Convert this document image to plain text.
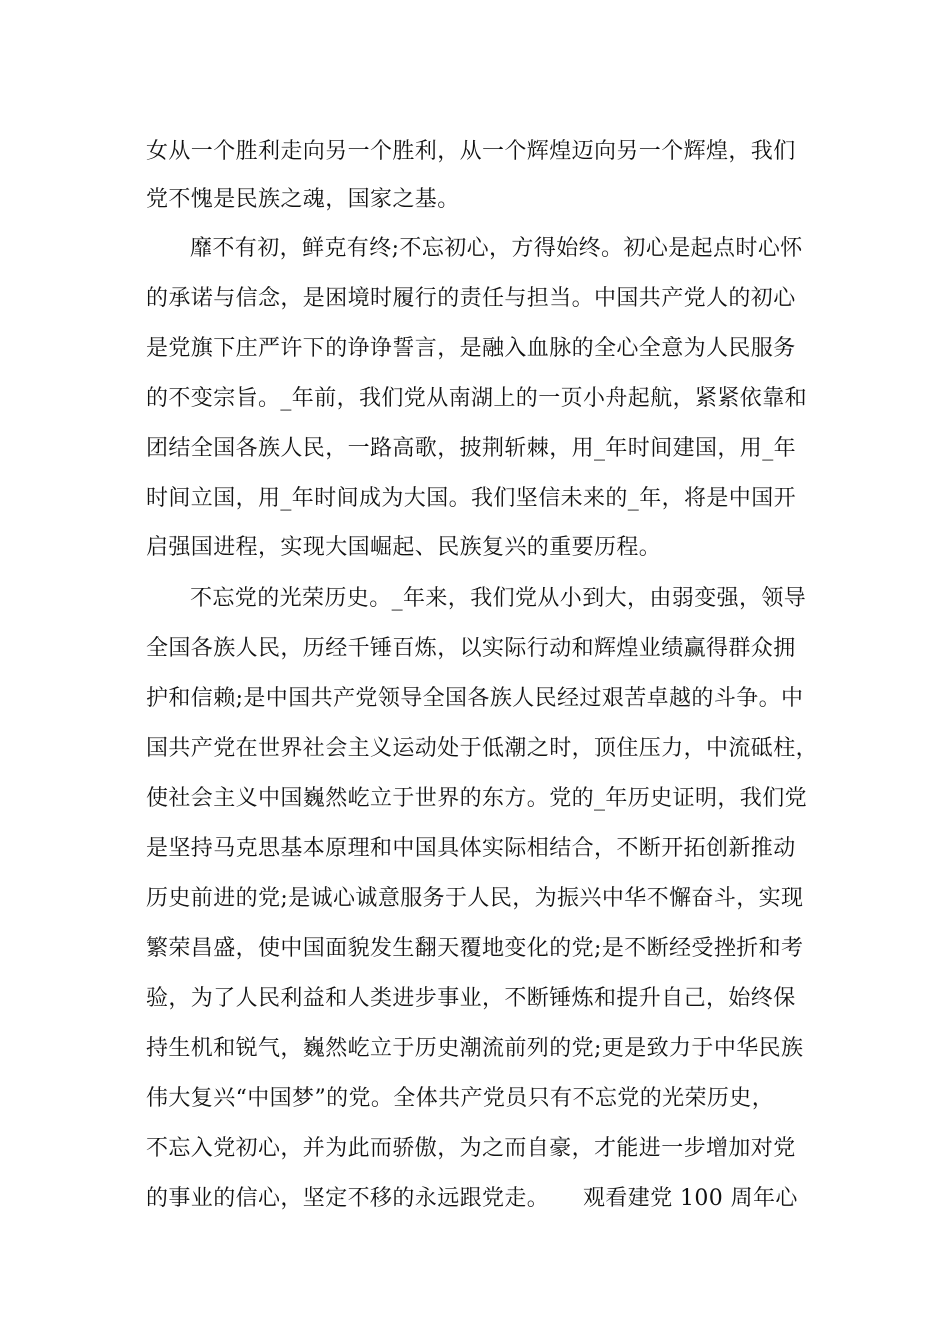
女从一个胜利走向另一个胜利，从一个辉煌迈向另一个辉煌，我们
党不愧是民族之魂，国家之基。
靡不有初，鲜克有终;不忘初心，方得始终。初心是起点时心怀
的承诺与信念，是困境时履行的责任与担当。中国共产党人的初心
是党旗下庄严许下的诤诤誓言，是融入血脉的全心全意为人民服务
的不变宗旨。_年前，我们党从南湖上的一页小舟起航，紧紧依靠和
团结全国各族人民，一路高歌，披荆斩棘，用_年时间建国，用_年
时间立国，用_年时间成为大国。我们坚信未来的_年，将是中国开
启强国进程，实现大国崛起、民族复兴的重要历程。
不忘党的光荣历史。_年来，我们党从小到大，由弱变强，领导
全国各族人民，历经千锤百炼，以实际行动和辉煌业绩赢得群众拥
护和信赖;是中国共产党领导全国各族人民经过艰苦卓越的斗争。中
国共产党在世界社会主义运动处于低潮之时，顶住压力，中流砥柱，
使社会主义中国巍然屹立于世界的东方。党的_年历史证明，我们党
是坚持马克思基本原理和中国具体实际相结合，不断开拓创新推动
历史前进的党;是诚心诚意服务于人民，为振兴中华不懈奋斗，实现
繁荣昌盛，使中国面貌发生翻天覆地变化的党;是不断经受挫折和考
验，为了人民利益和人类进步事业，不断锤炼和提升自己，始终保
持生机和锐气，巍然屹立于历史潮流前列的党;更是致力于中华民族
伟大复兴“中国梦”的党。全体共产党员只有不忘党的光荣历史，
不忘入党初心，并为此而骄傲，为之而自豪，才能进一步增加对党
的事业的信心，坚定不移的永远跟党走。　　观看建党 100 周年心
